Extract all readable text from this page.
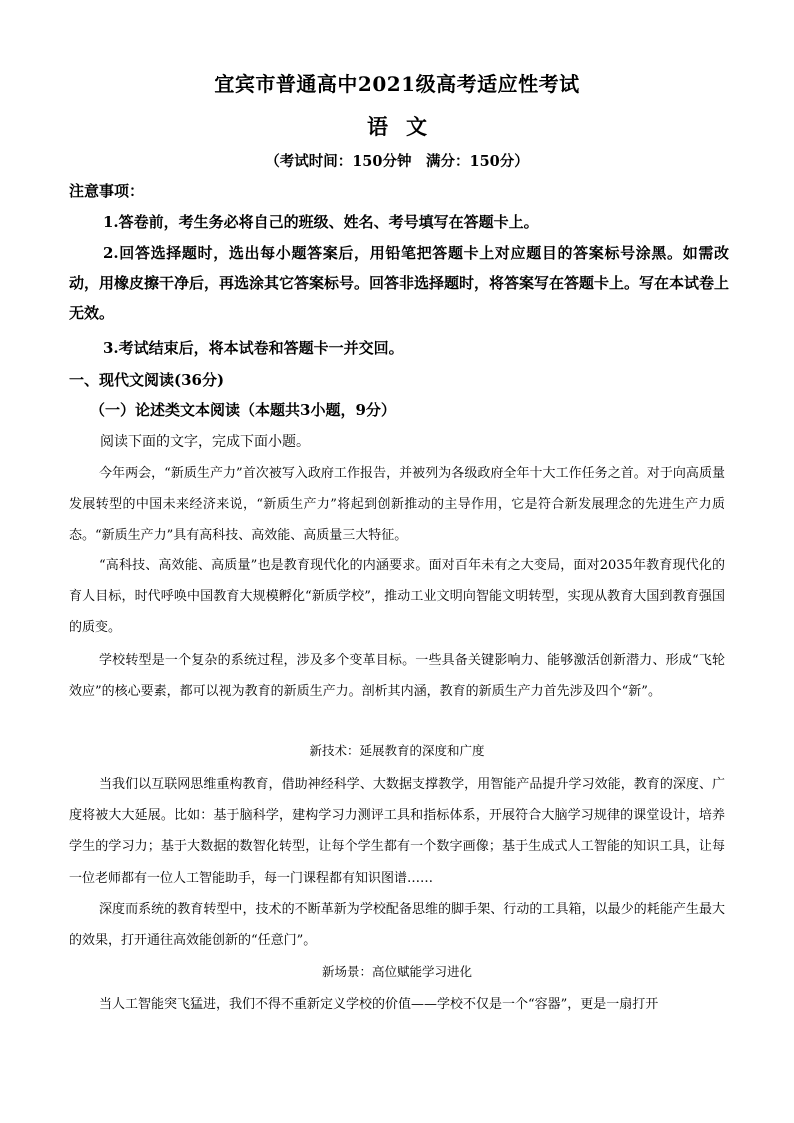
宜宾市普通高中2021级高考适应性考试
语文
（考试时间：150分钟　满分：150分）
注意事项：
1.答卷前，考生务必将自己的班级、姓名、考号填写在答题卡上。
2.回答选择题时，选出每小题答案后，用铅笔把答题卡上对应题目的答案标号涂黑。如需改动，用橡皮擦干净后，再选涂其它答案标号。回答非选择题时，将答案写在答题卡上。写在本试卷上无效。
3.考试结束后，将本试卷和答题卡一并交回。
一、现代文阅读(36分)
（一）论述类文本阅读（本题共3小题，9分）
阅读下面的文字，完成下面小题。
今年两会，“新质生产力”首次被写入政府工作报告，并被列为各级政府全年十大工作任务之首。对于向高质量发展转型的中国未来经济来说，“新质生产力”将起到创新推动的主导作用，它是符合新发展理念的先进生产力质态。“新质生产力”具有高科技、高效能、高质量三大特征。
“高科技、高效能、高质量”也是教育现代化的内涵要求。面对百年未有之大变局，面对2035年教育现代化的育人目标，时代呼唤中国教育大规模孵化“新质学校”，推动工业文明向智能文明转型，实现从教育大国到教育强国的质变。
学校转型是一个复杂的系统过程，涉及多个变革目标。一些具备关键影响力、能够激活创新潜力、形成“飞轮效应”的核心要素，都可以视为教育的新质生产力。剖析其内涵，教育的新质生产力首先涉及四个“新”。
新技术：延展教育的深度和广度
当我们以互联网思维重构教育，借助神经科学、大数据支撑教学，用智能产品提升学习效能，教育的深度、广度将被大大延展。比如：基于脑科学，建构学习力测评工具和指标体系，开展符合大脑学习规律的课堂设计，培养学生的学习力；基于大数据的数智化转型，让每个学生都有一个数字画像；基于生成式人工智能的知识工具，让每一位老师都有一位人工智能助手，每一门课程都有知识图谱……
深度而系统的教育转型中，技术的不断革新为学校配备思维的脚手架、行动的工具箱，以最少的耗能产生最大的效果，打开通往高效能创新的“任意门”。
新场景：高位赋能学习进化
当人工智能突飞猛进，我们不得不重新定义学校的价值——学校不仅是一个“容器”，更是一扇打开
